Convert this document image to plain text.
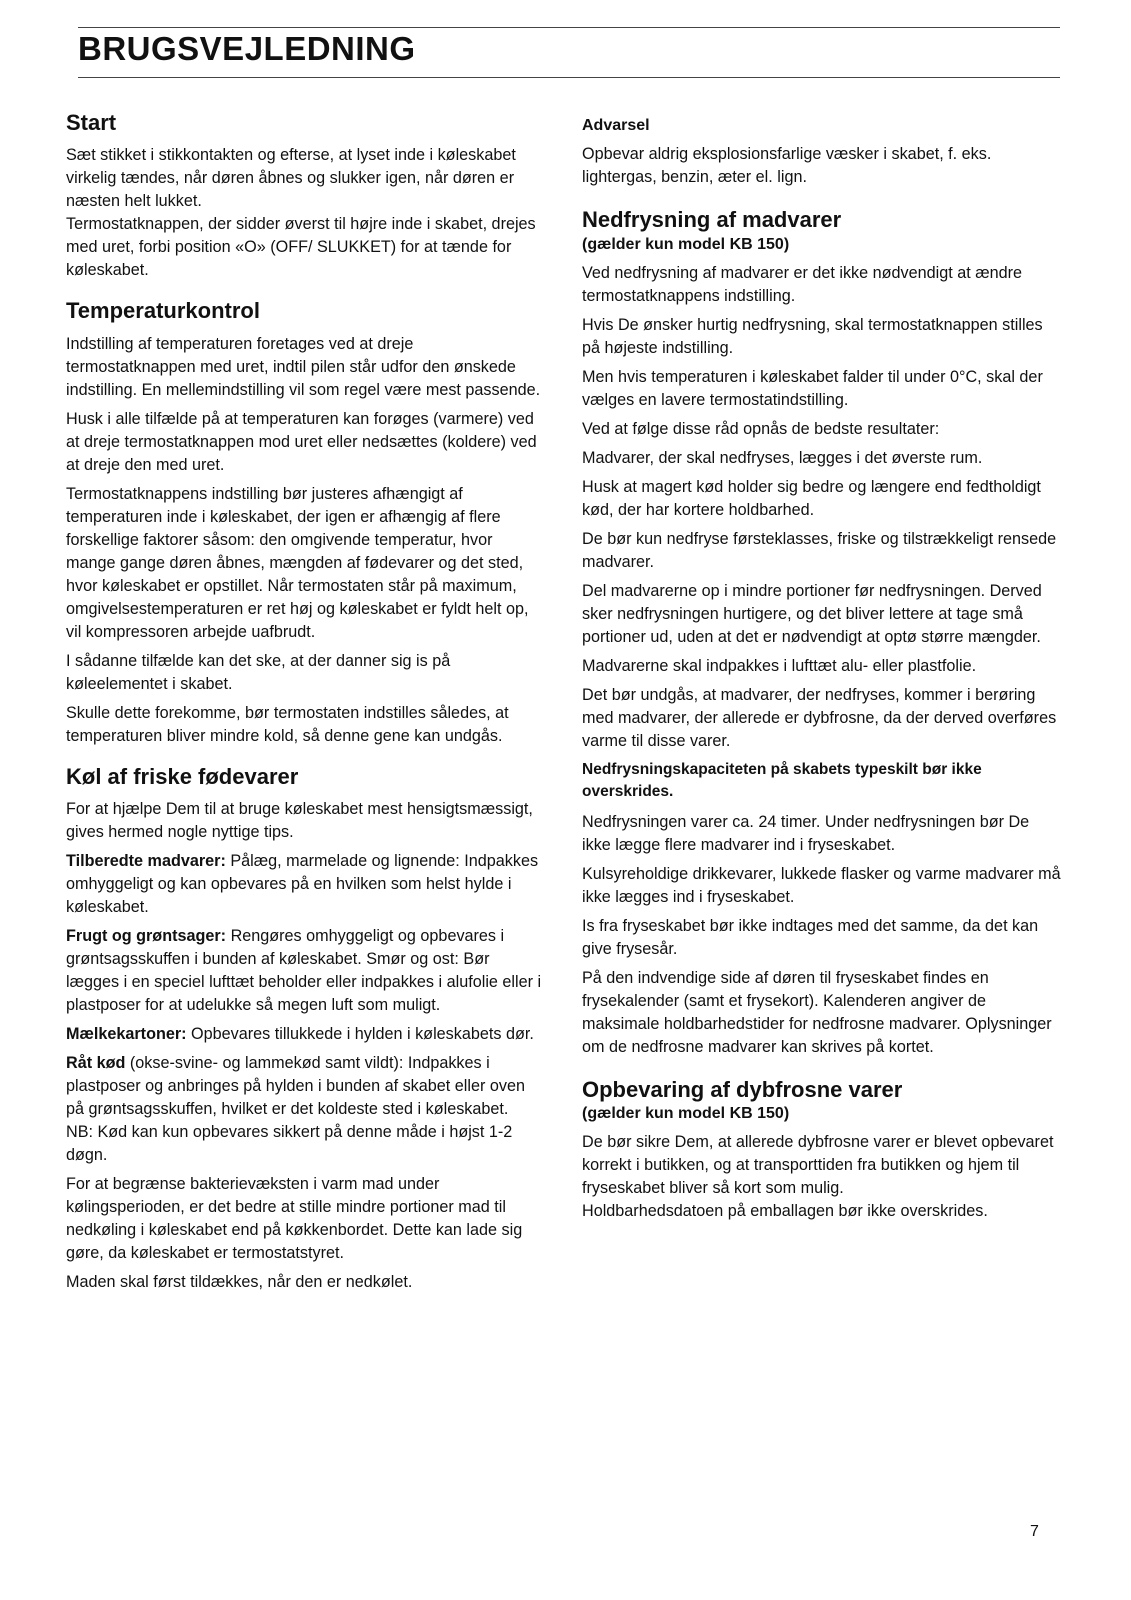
BRUGSVEJLEDNING
Start

Sæt stikket i stikkontakten og efterse, at lyset inde i køleskabet virkelig tændes, når døren åbnes og slukker igen, når døren er næsten helt lukket.

Termostatknappen, der sidder øverst til højre inde i skabet, drejes med uret, forbi position «O» (OFF/ SLUKKET) for at tænde for køleskabet.

Temperaturkontrol

Indstilling af temperaturen foretages ved at dreje termostatknappen med uret, indtil pilen står udfor den ønskede indstilling. En mellemindstilling vil som regel være mest passende.

Husk i alle tilfælde på at temperaturen kan forøges (varmere) ved at dreje termostatknappen mod uret eller nedsættes (koldere) ved at dreje den med uret.

Termostatknappens indstilling bør justeres afhængigt af temperaturen inde i køleskabet, der igen er afhængig af flere forskellige faktorer såsom: den omgivende temperatur, hvor mange gange døren åbnes, mængden af fødevarer og det sted, hvor køleskabet er opstillet. Når termostaten står på maximum, omgivelsestemperaturen er ret høj og køleskabet er fyldt helt op, vil kompressoren arbejde uafbrudt.

I sådanne tilfælde kan det ske, at der danner sig is på køleelementet i skabet.

Skulle dette forekomme, bør termostaten indstilles således, at temperaturen bliver mindre kold, så denne gene kan undgås.

Køl af friske fødevarer

For at hjælpe Dem til at bruge køleskabet mest hensigtsmæssigt, gives hermed nogle nyttige tips.

Tilberedte madvarer: Pålæg, marmelade og lignende: Indpakkes omhyggeligt og kan opbevares på en hvilken som helst hylde i køleskabet.

Frugt og grøntsager: Rengøres omhyggeligt og opbevares i grøntsagsskuffen i bunden af køleskabet. Smør og ost: Bør lægges i en speciel lufttæt beholder eller indpakkes i alufolie eller i plastposer for at udelukke så megen luft som muligt.

Mælkekartoner: Opbevares tillukkede i hylden i køleskabets dør.

Råt kød (okse-svine- og lammekød samt vildt): Indpakkes i plastposer og anbringes på hylden i bunden af skabet eller oven på grøntsagsskuffen, hvilket er det koldeste sted i køleskabet.

NB: Kød kan kun opbevares sikkert på denne måde i højst 1-2 døgn.

For at begrænse bakterievæksten i varm mad under kølingsperioden, er det bedre at stille mindre portioner mad til nedkøling i køleskabet end på køkkenbordet. Dette kan lade sig gøre, da køleskabet er termostatstyret.

Maden skal først tildækkes, når den er nedkølet.

Advarsel

Opbevar aldrig eksplosionsfarlige væsker i skabet, f. eks. lightergas, benzin, æter el. lign.

Nedfrysning af madvarer
(gælder kun model KB 150)

Ved nedfrysning af madvarer er det ikke nødvendigt at ændre termostatknappens indstilling.

Hvis De ønsker hurtig nedfrysning, skal termostatknappen stilles på højeste indstilling.

Men hvis temperaturen i køleskabet falder til under 0°C, skal der vælges en lavere termostatindstilling.

Ved at følge disse råd opnås de bedste resultater:

Madvarer, der skal nedfryses, lægges i det øverste rum.

Husk at magert kød holder sig bedre og længere end fedtholdigt kød, der har kortere holdbarhed.

De bør kun nedfryse førsteklasses, friske og tilstrækkeligt rensede madvarer.

Del madvarerne op i mindre portioner før nedfrysningen. Derved sker nedfrysningen hurtigere, og det bliver lettere at tage små portioner ud, uden at det er nødvendigt at optø større mængder.

Madvarerne skal indpakkes i lufttæt alu- eller plastfolie.

Det bør undgås, at madvarer, der nedfryses, kommer i berøring med madvarer, der allerede er dybfrosne, da der derved overføres varme til disse varer.

Nedfrysningskapaciteten på skabets typeskilt bør ikke overskrides.

Nedfrysningen varer ca. 24 timer. Under nedfrysningen bør De ikke lægge flere madvarer ind i fryseskabet.

Kulsyreholdige drikkevarer, lukkede flasker og varme madvarer må ikke lægges ind i fryseskabet.

Is fra fryseskabet bør ikke indtages med det samme, da det kan give frysesår.

På den indvendige side af døren til fryseskabet findes en frysekalender (samt et frysekort). Kalenderen angiver de maksimale holdbarhedstider for nedfrosne madvarer. Oplysninger om de nedfrosne madvarer kan skrives på kortet.

Opbevaring af dybfrosne varer
(gælder kun model KB 150)

De bør sikre Dem, at allerede dybfrosne varer er blevet opbevaret korrekt i butikken, og at transporttiden fra butikken og hjem til fryseskabet bliver så kort som mulig.

Holdbarhedsdatoen på emballagen bør ikke overskrides.

7
